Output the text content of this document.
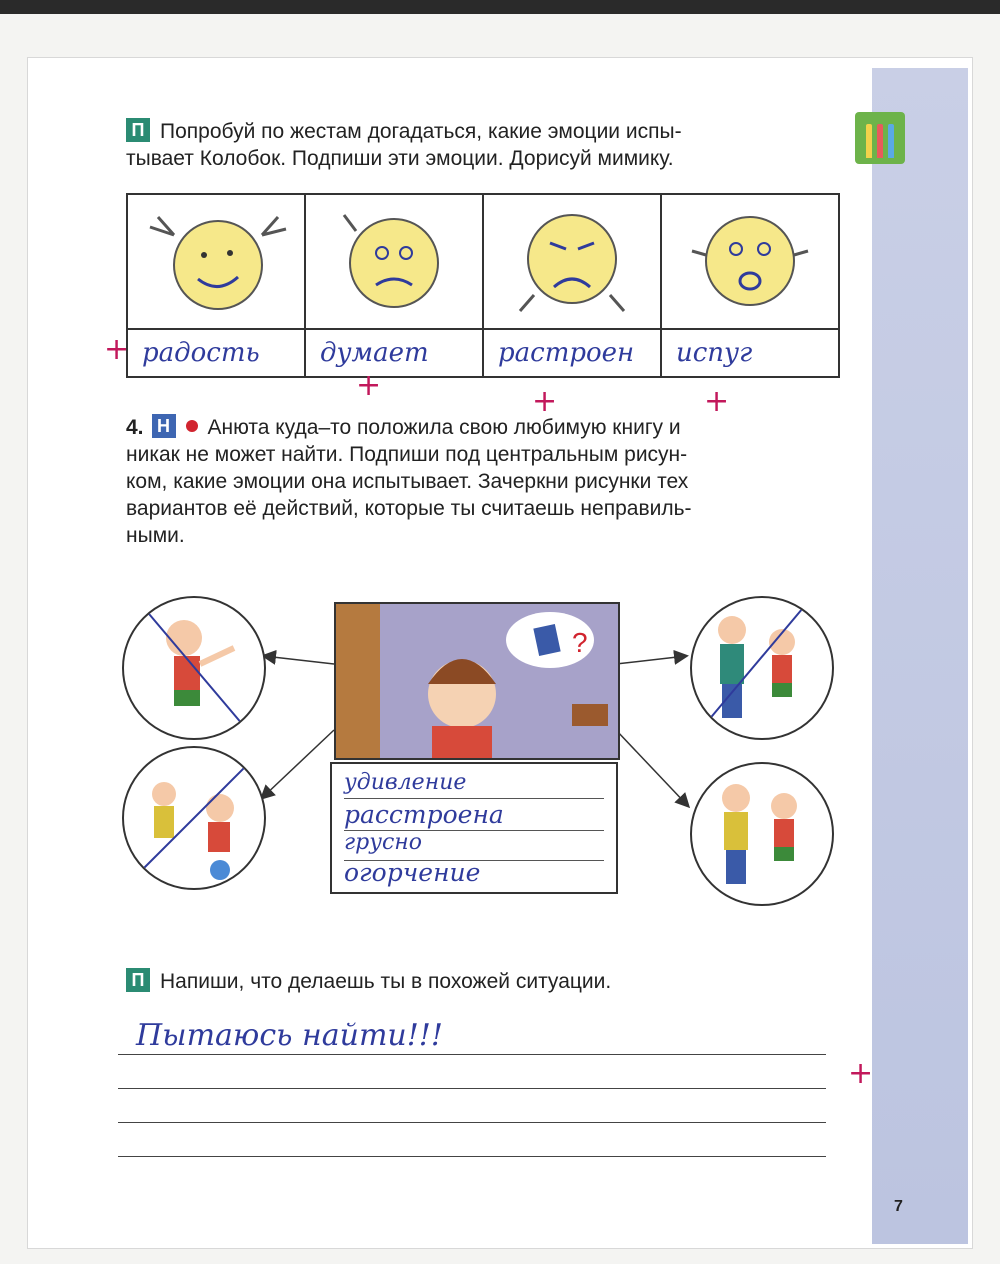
П Попробуй по жестам догадаться, какие эмоции испы-
тывает Колобок. Подпиши эти эмоции. Дорисуй мимику.

радость	думает	растроен	испуг
+
+	+	+
4. Н Анюта куда–то положила свою любимую книгу и
никак не может найти. Подпиши под центральным рисун-
ком, какие эмоции она испытывает. Зачеркни рисунки тех
вариантов её действий, которые ты считаешь неправиль-
ными.
?
удивление
расстроена
грусно
огорчение
П Напиши, что делаешь ты в похожей ситуации.
Пытаюсь найти!!!
+
7
